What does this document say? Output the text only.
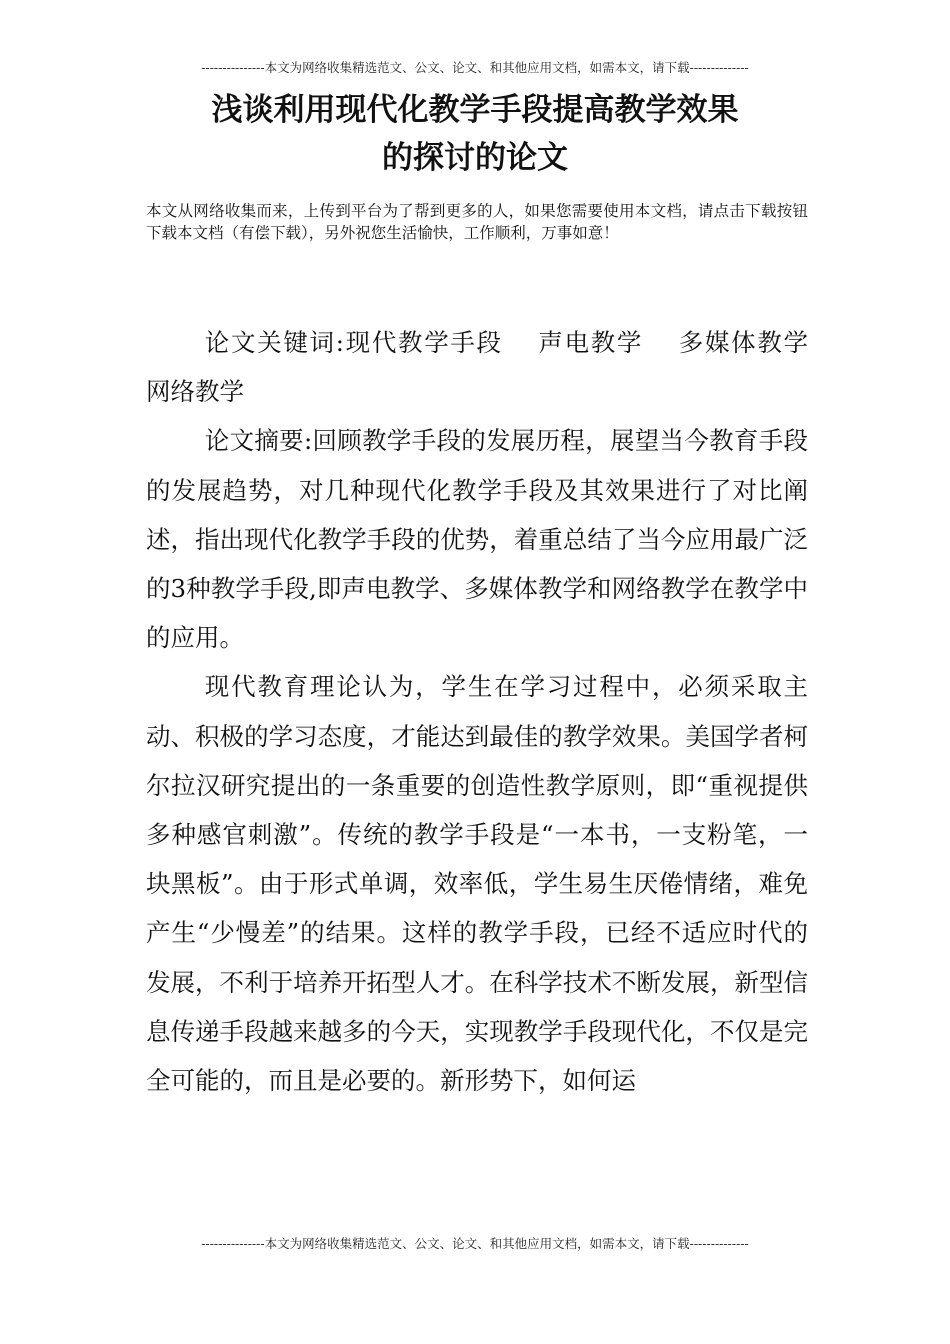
---------------本文为网络收集精选范文、公文、论文、和其他应用文档，如需本文，请下载--------------
浅谈利用现代化教学手段提高教学效果
的探讨的论文
本文从网络收集而来，上传到平台为了帮到更多的人，如果您需要使用本文档，请点击下载按钮下载本文档（有偿下载），另外祝您生活愉快，工作顺利，万事如意！

论文关键词:现代教学手段　 声电教学　 多媒体教学　网络教学

论文摘要:回顾教学手段的发展历程，展望当今教育手段的发展趋势，对几种现代化教学手段及其效果进行了对比阐述，指出现代化教学手段的优势，着重总结了当今应用最广泛的3种教学手段,即声电教学、多媒体教学和网络教学在教学中的应用。

现代教育理论认为，学生在学习过程中，必须采取主动、积极的学习态度，才能达到最佳的教学效果。美国学者柯尔拉汉研究提出的一条重要的创造性教学原则，即“重视提供多种感官刺激”。传统的教学手段是“一本书，一支粉笔，一块黑板”。由于形式单调，效率低，学生易生厌倦情绪，难免产生“少慢差”的结果。这样的教学手段，已经不适应时代的发展，不利于培养开拓型人才。在科学技术不断发展，新型信息传递手段越来越多的今天，实现教学手段现代化，不仅是完全可能的，而且是必要的。新形势下，如何运

---------------本文为网络收集精选范文、公文、论文、和其他应用文档，如需本文，请下载--------------
